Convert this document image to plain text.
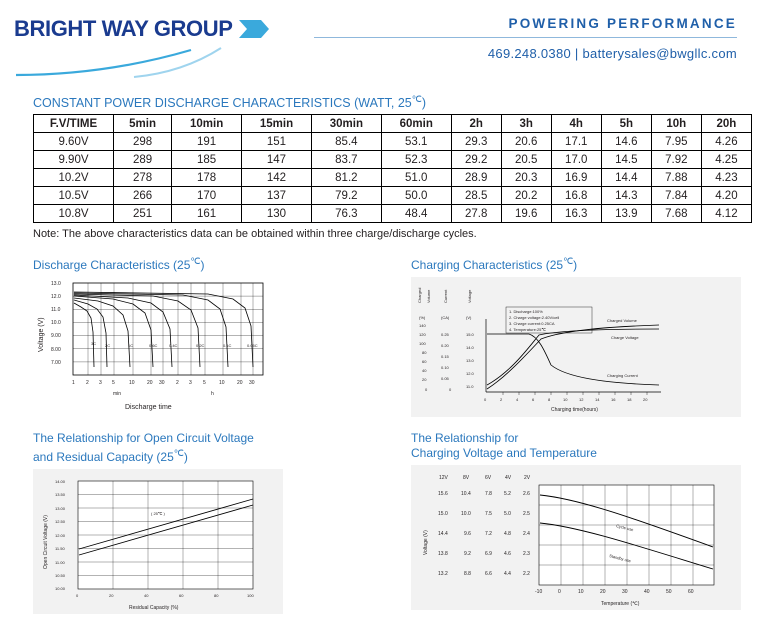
BRIGHT WAY GROUP	POWERING PERFORMANCE
469.248.0380 | batterysales@bwgllc.com
CONSTANT POWER DISCHARGE CHARACTERISTICS (WATT, 25℃)
F.V/TIME	5min	10min	15min	30min	60min	2h	3h	4h	5h	10h	20h
9.60V	298	191	151	85.4	53.1	29.3	20.6	17.1	14.6	7.95	4.26
9.90V	289	185	147	83.7	52.3	29.2	20.5	17.0	14.5	7.92	4.25
10.2V	278	178	142	81.2	51.0	28.9	20.3	16.9	14.4	7.88	4.23
10.5V	266	170	137	79.2	50.0	28.5	20.2	16.8	14.3	7.84	4.20
10.8V	251	161	130	76.3	48.4	27.8	19.6	16.3	13.9	7.68	4.12
Note: The above characteristics data can be obtained within three charge/discharge cycles.
Discharge Characteristics (25℃)
3C 2C	1C	0.6C	0.4C	0.2C	0.1C	0.05C
13.0
12.0
11.0
10.0
9.00
8.00
7.00
Voltage (V)
1 2 3 5	10 20 30 2 3 5	10 20 30
min	h
Discharge time
Charging Characteristics (25℃)
Charged Volume	Current	Voltage
(%)	(CA)	(V)
1. Discharge:100%
2. Charge voltage:2.40V/cell
3. Charge current:0.25CA
4. Temperature:25℃
140
120
100
80
60
40
20
0
0.25
0.20
0.15
0.10
0.05
0
15.0
14.0
13.0
12.0
11.0
Charged Volume
Charge Voltage
Charging Current
0	2	4	6	8	10	12	14	16	18	20
Charging time(hours)
The Relationship for Open Circuit Voltage
and Residual Capacity (25℃)
( 25℃ )
14.00
13.50
13.00
12.50
12.00
11.50
11.00
10.50
10.00
Open Circuit Voltage (V)
0	20	40	60	80	100
Residual Capacity (%)
The Relationship for
Charging Voltage and Temperature
12V	8V	6V	4V	2V
15.6
15.0
14.4
13.8
13.2
10.4
10.0
9.6
9.2
8.8
7.8
7.5
7.2
6.9
6.6
5.2
5.0
4.8
4.6
4.4
2.6
2.5
2.4
2.3
2.2
Voltage (V)
Cycle use
Standby use
-10	0	10	20	30	40	50	60
Temperature (℃)
